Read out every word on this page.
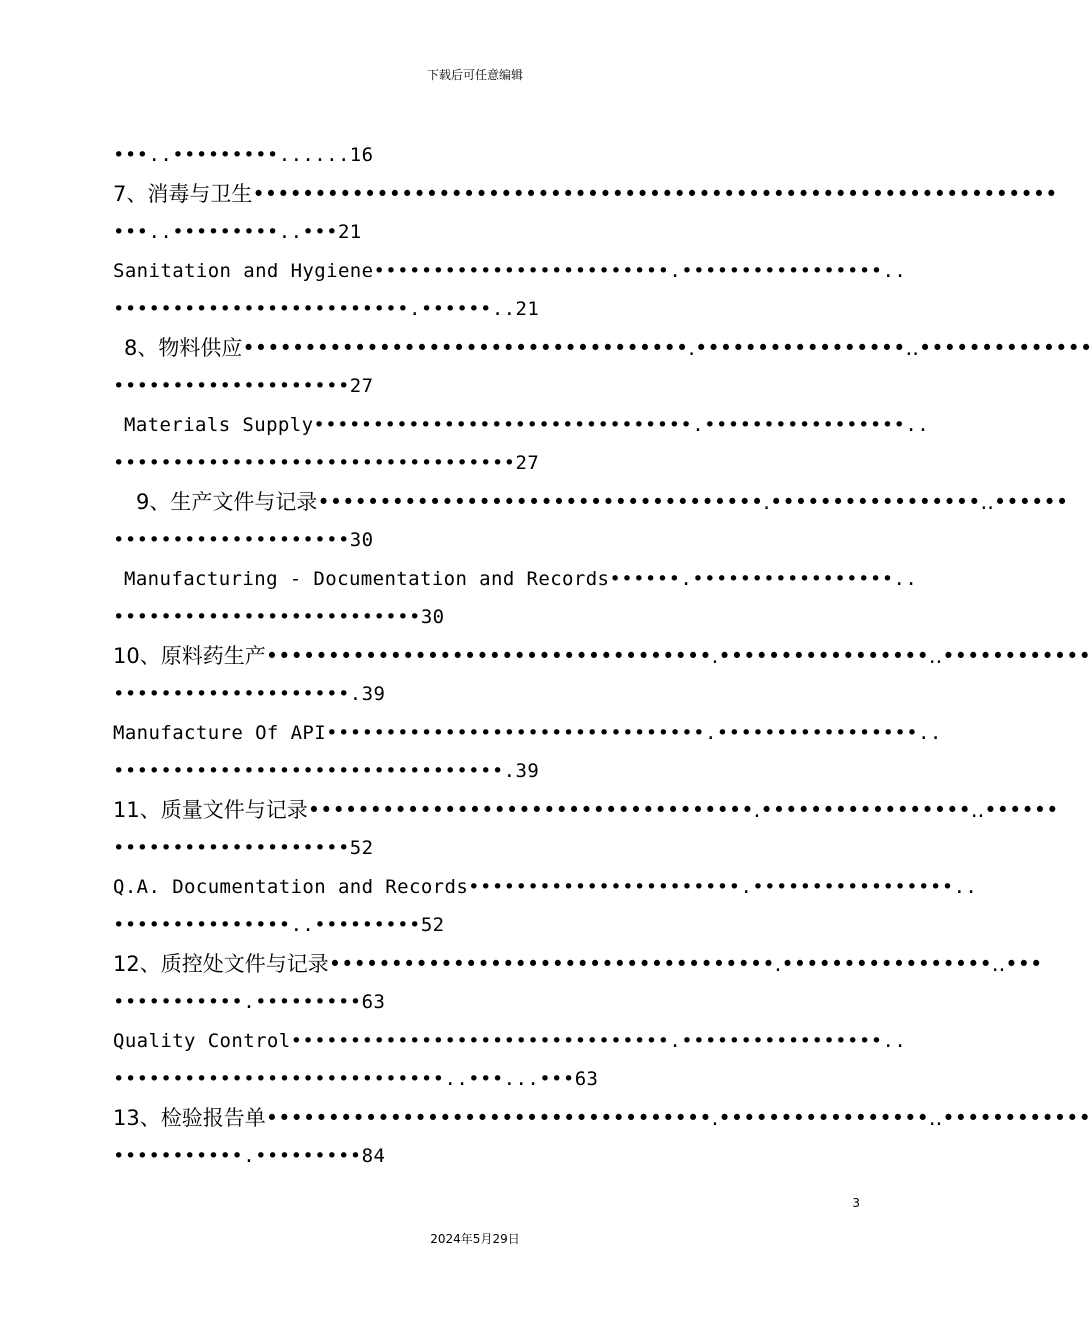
下载后可任意编辑
•••..•••••••••......16
7、消毒与卫生•••••••••••••••••••••••••••••••••••••••••••••••••••••••••••••••••
•••..•••••••••..•••21
Sanitation and Hygiene•••••••••••••••••••••••••.•••••••••••••••••..
•••••••••••••••••••••••••.••••••..21
8、物料供应••••••••••••••••••••••••••••••••••••.•••••••••••••••••..••••••••••••••
••••••••••••••••••••27
Materials Supply••••••••••••••••••••••••••••••••.•••••••••••••••••..
••••••••••••••••••••••••••••••••••27
9、生产文件与记录••••••••••••••••••••••••••••••••••••.•••••••••••••••••..••••••
••••••••••••••••••••30
Manufacturing - Documentation and Records••••••.•••••••••••••••••..
••••••••••••••••••••••••••30
10、原料药生产••••••••••••••••••••••••••••••••••••.•••••••••••••••••..••••••••••••
••••••••••••••••••••.39
Manufacture Of API••••••••••••••••••••••••••••••••.•••••••••••••••••..
•••••••••••••••••••••••••••••••••.39
11、质量文件与记录••••••••••••••••••••••••••••••••••••.•••••••••••••••••..••••••
••••••••••••••••••••52
Q.A. Documentation and Records•••••••••••••••••••••••.•••••••••••••••••..
•••••••••••••••..•••••••••52
12、质控处文件与记录••••••••••••••••••••••••••••••••••••.•••••••••••••••••..•••
•••••••••••.•••••••••63
Quality Control••••••••••••••••••••••••••••••••.•••••••••••••••••..
••••••••••••••••••••••••••••..•••...•••63
13、检验报告单••••••••••••••••••••••••••••••••••••.•••••••••••••••••..••••••••••••
•••••••••••.•••••••••84
3
2024年5月29日
